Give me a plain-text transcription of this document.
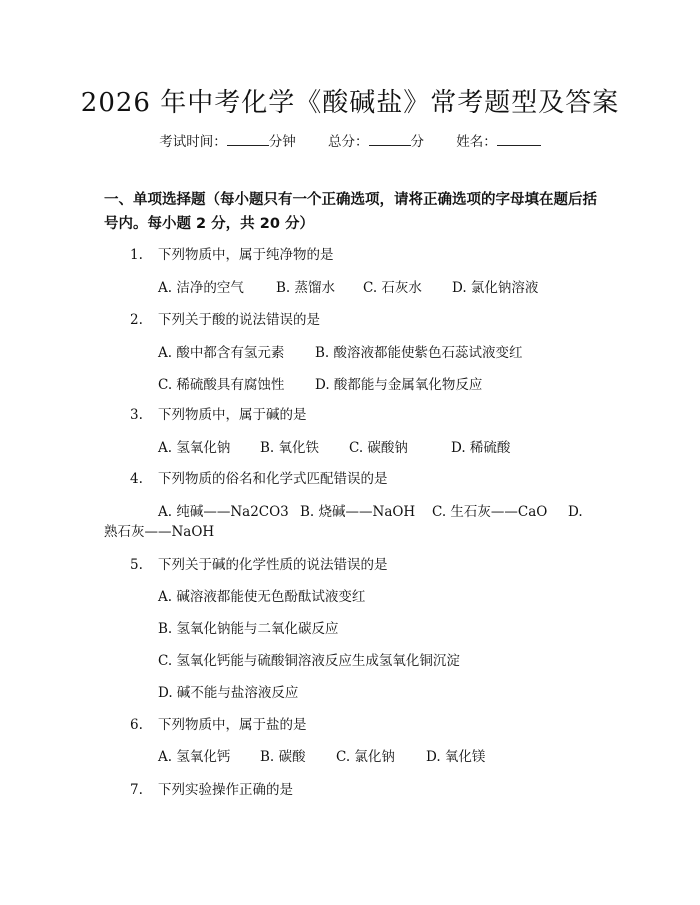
2026 年中考化学《酸碱盐》常考题型及答案
考试时间：	分钟 总分：	分 姓名：
一、单项选择题（每小题只有一个正确选项，请将正确选项的字母填在题后括号内。每小题 2 分，共 20 分）
1. 下列物质中，属于纯净物的是
A. 洁净的空气 B. 蒸馏水 C. 石灰水 D. 氯化钠溶液
2. 下列关于酸的说法错误的是
A. 酸中都含有氢元素 B. 酸溶液都能使紫色石蕊试液变红
C. 稀硫酸具有腐蚀性 D. 酸都能与金属氧化物反应
3. 下列物质中，属于碱的是
A. 氢氧化钠 B. 氧化铁 C. 碳酸钠	D. 稀硫酸
4. 下列物质的俗名和化学式匹配错误的是
A. 纯碱——Na2CO3 B. 烧碱——NaOH C. 生石灰——CaO D.
熟石灰——NaOH
5. 下列关于碱的化学性质的说法错误的是
A. 碱溶液都能使无色酚酞试液变红
B. 氢氧化钠能与二氧化碳反应
C. 氢氧化钙能与硫酸铜溶液反应生成氢氧化铜沉淀
D. 碱不能与盐溶液反应
6. 下列物质中，属于盐的是
A. 氢氧化钙 B. 碳酸 C. 氯化钠 D. 氧化镁
7. 下列实验操作正确的是
